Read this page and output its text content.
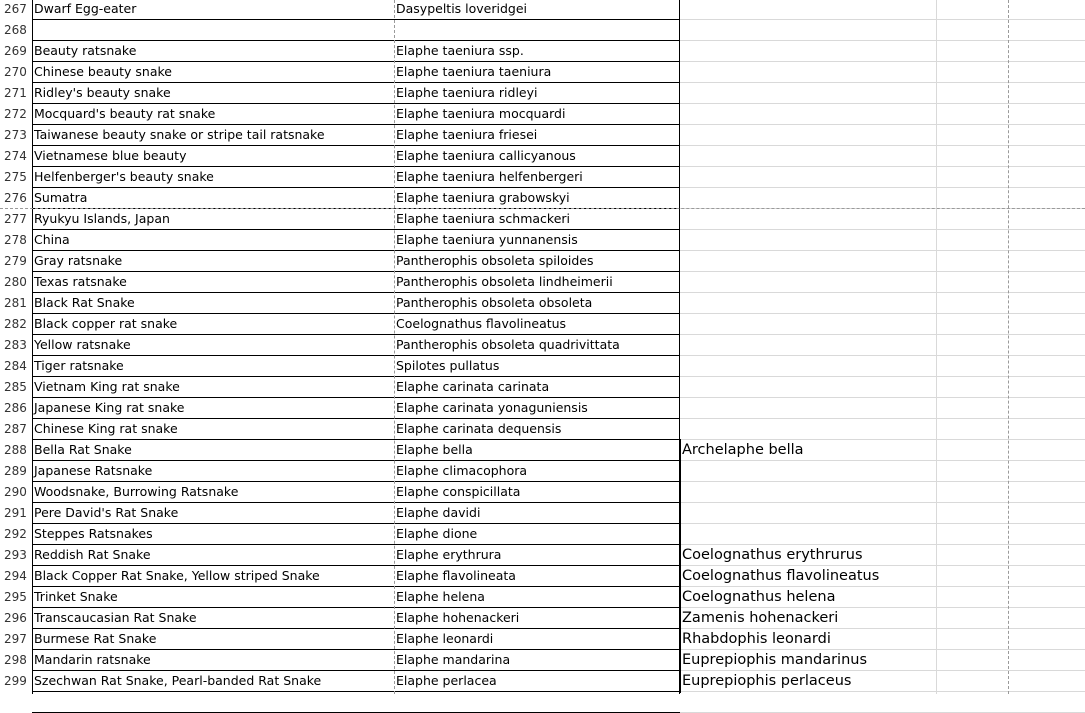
267 Dwarf Egg-eater	Dasypeltis loveridgei
268
269 Beauty ratsnake	Elaphe taeniura ssp.
270 Chinese beauty snake	Elaphe taeniura taeniura
271 Ridley's beauty snake	Elaphe taeniura ridleyi
272 Mocquard's beauty rat snake	Elaphe taeniura mocquardi
273 Taiwanese beauty snake or stripe tail ratsnake	Elaphe taeniura friesei
274 Vietnamese blue beauty	Elaphe taeniura callicyanous
275 Helfenberger's beauty snake	Elaphe taeniura helfenbergeri
276 Sumatra	Elaphe taeniura grabowskyi
277 Ryukyu Islands, Japan	Elaphe taeniura schmackeri
278 China	Elaphe taeniura yunnanensis
279 Gray ratsnake	Pantherophis obsoleta spiloides
280 Texas ratsnake	Pantherophis obsoleta lindheimerii
281 Black Rat Snake	Pantherophis obsoleta obsoleta
282 Black copper rat snake	Coelognathus flavolineatus
283 Yellow ratsnake	Pantherophis obsoleta quadrivittata
284 Tiger ratsnake	Spilotes pullatus
285 Vietnam King rat snake	Elaphe carinata carinata
286 Japanese King rat snake	Elaphe carinata yonaguniensis
287 Chinese King rat snake	Elaphe carinata dequensis
288 Bella Rat Snake	Elaphe bella	Archelaphe bella
289 Japanese Ratsnake	Elaphe climacophora
290 Woodsnake, Burrowing Ratsnake	Elaphe conspicillata
291 Pere David's Rat Snake	Elaphe davidi
292 Steppes Ratsnakes	Elaphe dione
293 Reddish Rat Snake	Elaphe erythrura	Coelognathus erythrurus
294 Black Copper Rat Snake, Yellow striped Snake	Elaphe flavolineata	Coelognathus flavolineatus
295 Trinket Snake	Elaphe helena	Coelognathus helena
296 Transcaucasian Rat Snake	Elaphe hohenackeri	Zamenis hohenackeri
297 Burmese Rat Snake	Elaphe leonardi	Rhabdophis leonardi
298 Mandarin ratsnake	Elaphe mandarina	Euprepiophis mandarinus
299 Szechwan Rat Snake, Pearl-banded Rat Snake	Elaphe perlacea	Euprepiophis perlaceus
